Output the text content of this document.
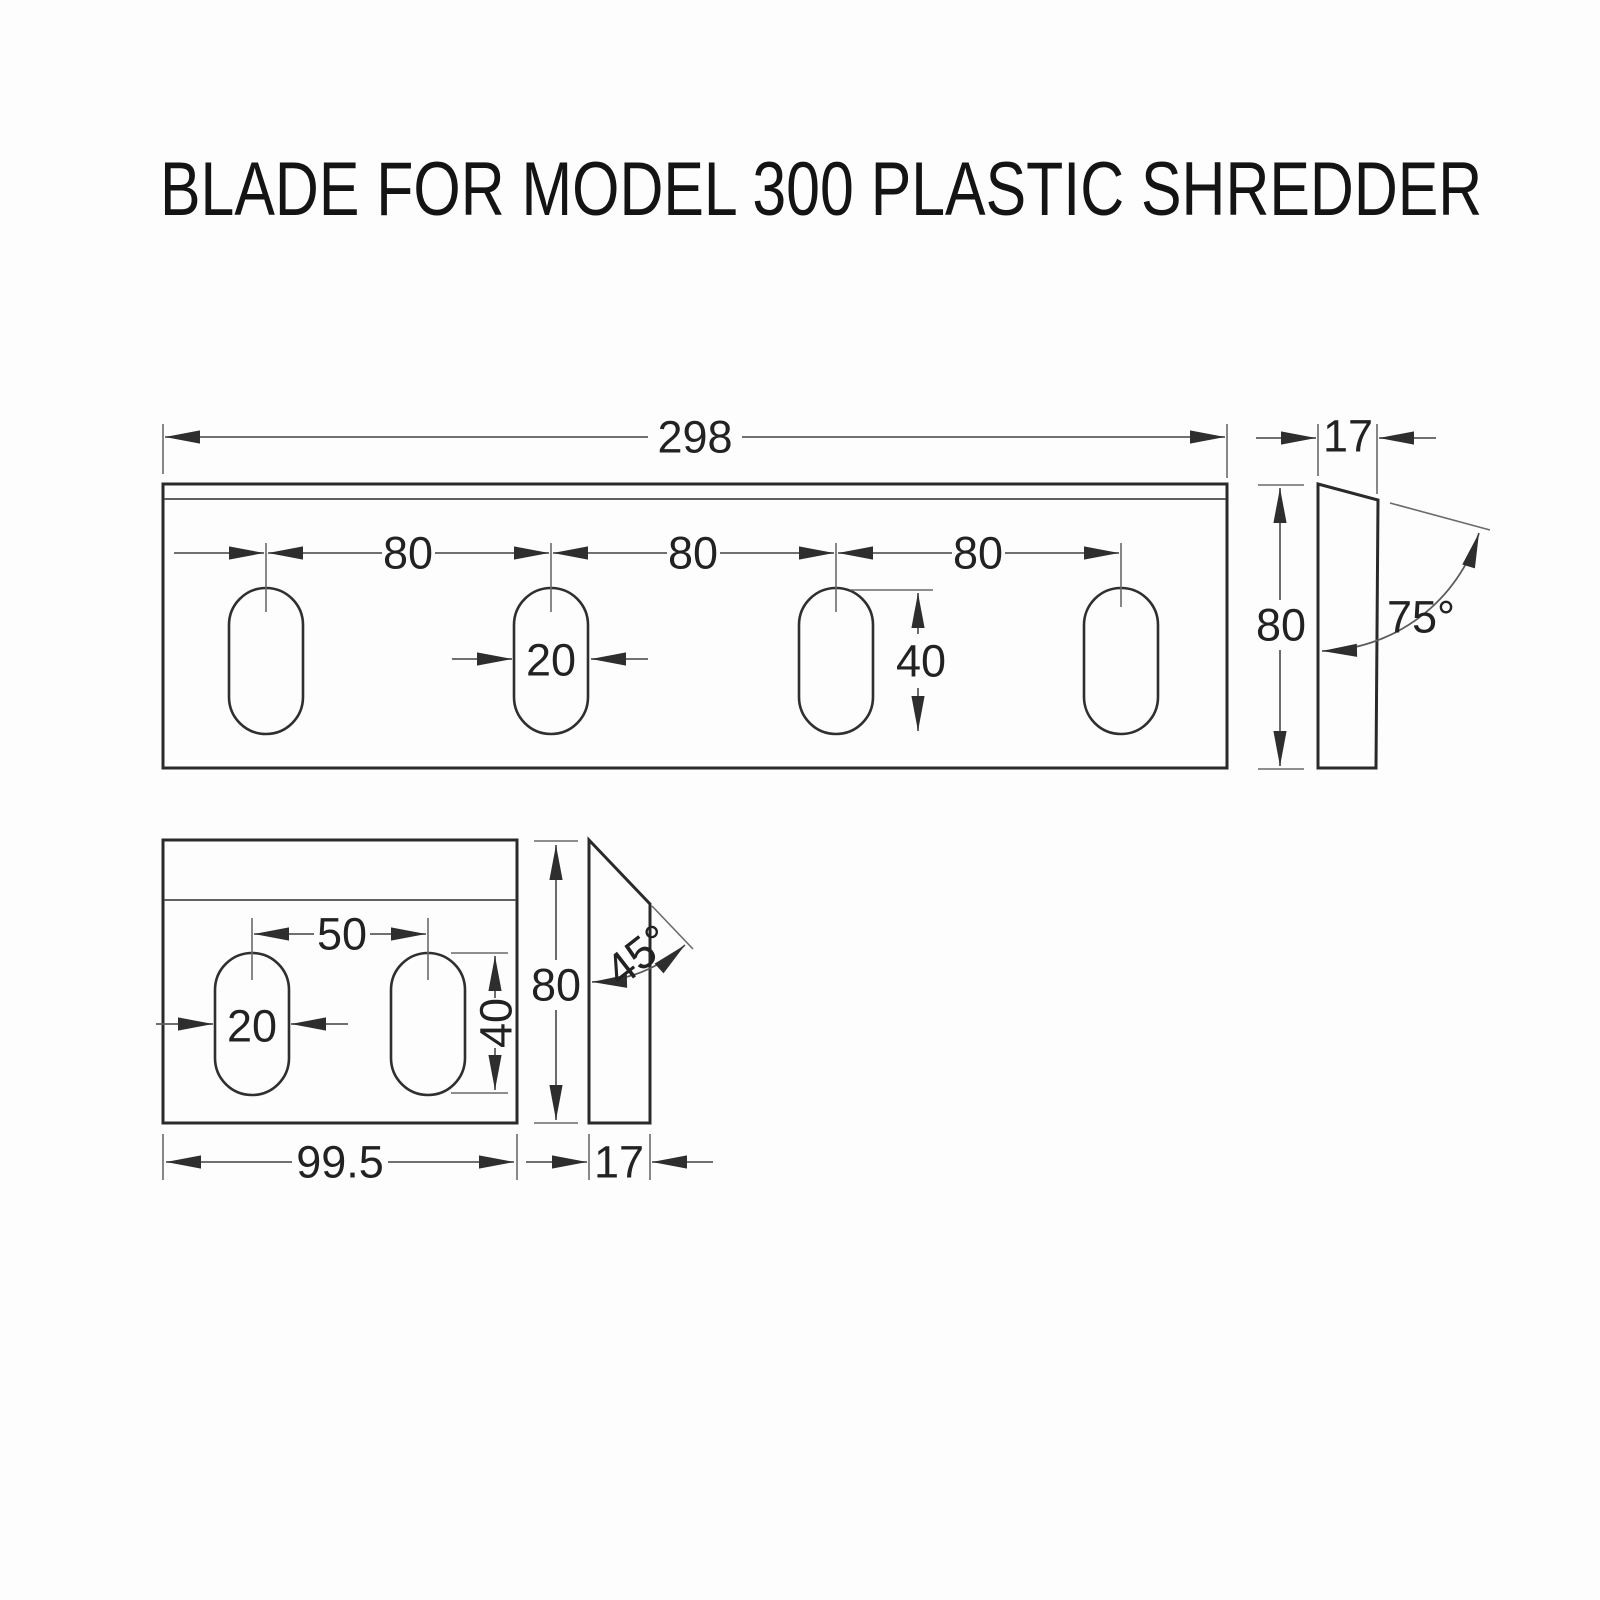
BLADE FOR MODEL 300 PLASTIC SHREDDER
298
80	80	80
20	40
17
80 75°
50
20	40
99.5
80 45°
17
